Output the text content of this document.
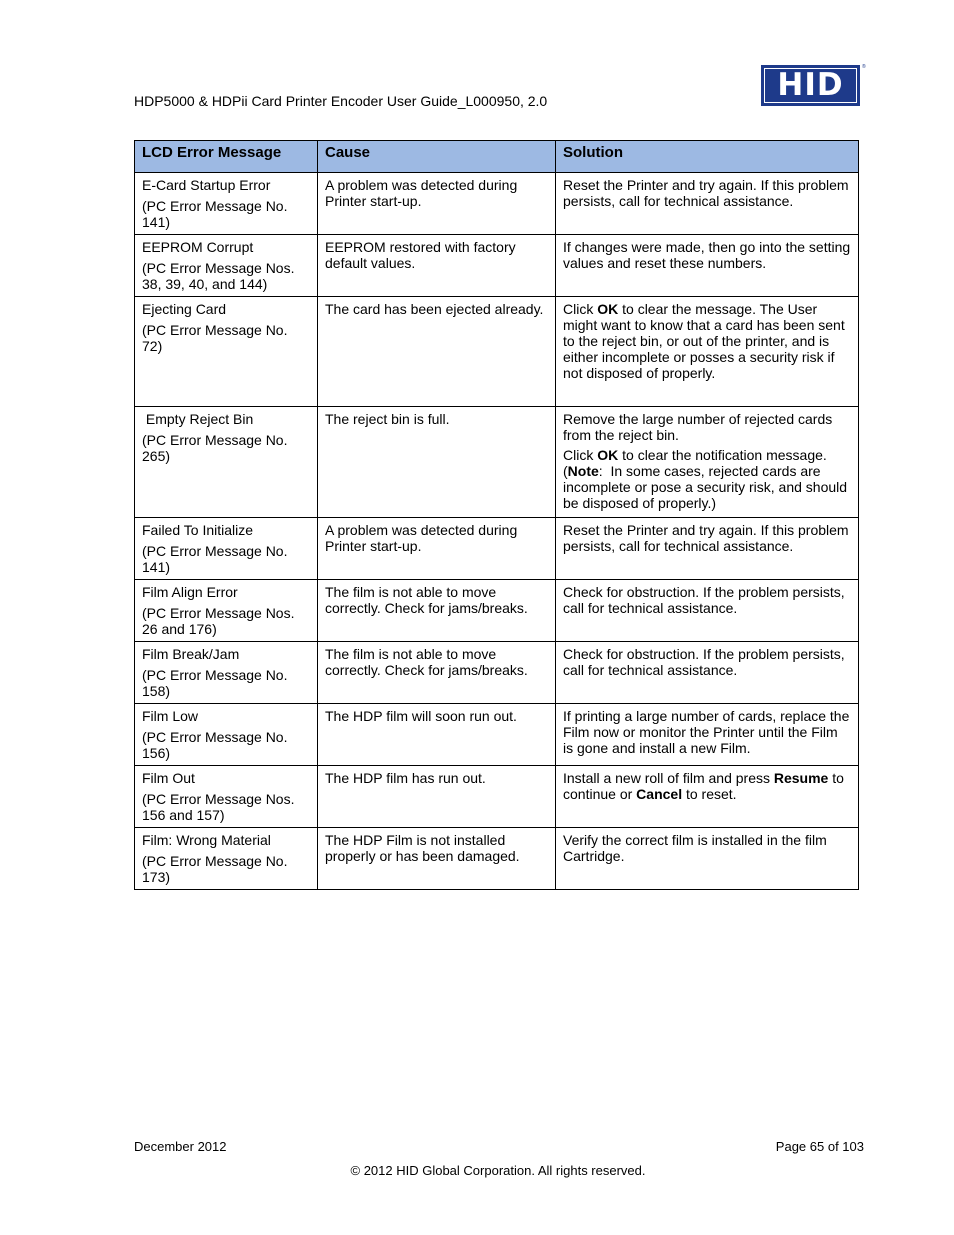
HDP5000 & HDPii Card Printer Encoder User Guide_L000950, 2.0	HID	®
LCD Error Message	Cause	Solution

E-Card Startup Error
(PC Error Message No. 141)	A problem was detected during Printer start-up.	Reset the Printer and try again. If this problem persists, call for technical assistance.

EEPROM Corrupt
(PC Error Message Nos. 38, 39, 40, and 144)	EEPROM restored with factory default values.	If changes were made, then go into the setting values and reset these numbers.

Ejecting Card
(PC Error Message No. 72)	The card has been ejected already.	Click OK to clear the message. The User might want to know that a card has been sent to the reject bin, or out of the printer, and is either incomplete or posses a security risk if not disposed of properly.

Empty Reject Bin
(PC Error Message No. 265)	The reject bin is full.	Remove the large number of rejected cards from the reject bin.
Click OK to clear the notification message. (Note:  In some cases, rejected cards are incomplete or pose a security risk, and should be disposed of properly.)

Failed To Initialize
(PC Error Message No. 141)	A problem was detected during Printer start-up.	Reset the Printer and try again. If this problem persists, call for technical assistance.

Film Align Error
(PC Error Message Nos. 26 and 176)	The film is not able to move correctly. Check for jams/breaks.	Check for obstruction. If the problem persists, call for technical assistance.

Film Break/Jam
(PC Error Message No. 158)	The film is not able to move correctly. Check for jams/breaks.	Check for obstruction. If the problem persists, call for technical assistance.

Film Low
(PC Error Message No. 156)	The HDP film will soon run out.	If printing a large number of cards, replace the Film now or monitor the Printer until the Film is gone and install a new Film.

Film Out
(PC Error Message Nos. 156 and 157)	The HDP film has run out.	Install a new roll of film and press Resume to continue or Cancel to reset.

Film: Wrong Material
(PC Error Message No. 173)	The HDP Film is not installed properly or has been damaged.	Verify the correct film is installed in the film Cartridge.
December 2012	Page 65 of 103
© 2012 HID Global Corporation. All rights reserved.
